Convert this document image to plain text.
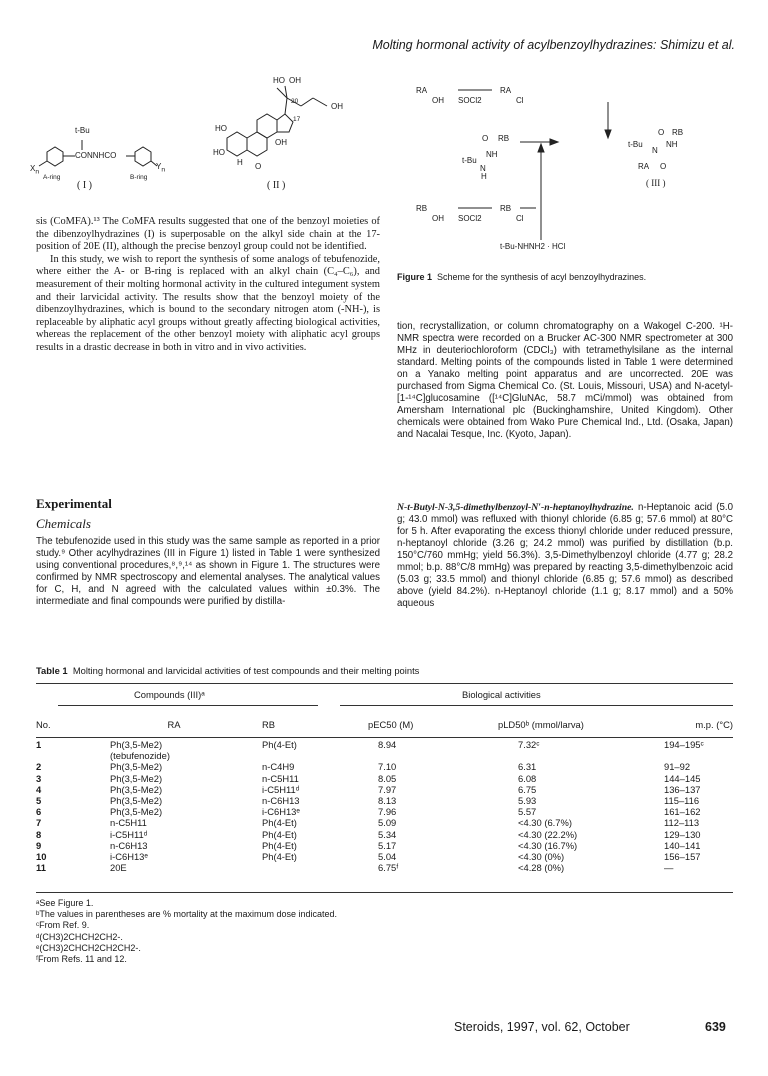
Molting hormonal activity of acylbenzoylhydrazines: Shimizu et al.
t-Bu
CONNHCO
$X_n$
$Y_n$
A-ring	B-ring
( I )
HO OH
20
OH
17
HO
HO
OH
H O
( II )
RA
OH SOCl2
RA
Cl
O RB
t-Bu
NH
N
H
O RB
t-Bu
N
NH
RA O
( III )
RB
OH SOCl2
RB
Cl
t-Bu-NHNH2 · HCl
Figure 1 Scheme for the synthesis of acyl benzoylhydrazines.

sis (CoMFA).¹³ The CoMFA results suggested that one of the benzoyl moieties of the dibenzoylhydrazines (I) is superposable on the alkyl side chain at the 17-position of 20E (II), although the precise benzoyl group could not be identified.

In this study, we wish to report the synthesis of some analogs of tebufenozide, where either the A- or B-ring is replaced with an alkyl chain (C₄–C₆), and measurement of their molting hormonal activity in the cultured integument system and their larvicidal activity. The results show that the benzoyl moiety of the dibenzoylhydrazines, which is bound to the secondary nitrogen atom (-NH-), is replaceable by aliphatic acyl groups without greatly affecting biological activities, whereas the replacement of the other benzoyl moiety with aliphatic acyl groups results in a drastic decrease in both in vitro and in vivo activities.

Experimental
Chemicals
The tebufenozide used in this study was the same sample as reported in a prior study.⁹ Other acylhydrazines (III in Figure 1) listed in Table 1 were synthesized using conventional procedures,⁸,⁹,¹⁴ as shown in Figure 1. The structures were confirmed by NMR spectroscopy and elemental analyses. The analytical values for C, H, and N agreed with the calculated values within ±0.3%. The intermediate and final compounds were purified by distilla-
tion, recrystallization, or column chromatography on a Wakogel C-200. ¹H-NMR spectra were recorded on a Brucker AC-300 NMR spectrometer at 300 MHz in deuteriochloroform (CDCl₃) with tetramethylsilane as the internal standard. Melting points of the compounds listed in Table 1 were determined on a Yanako melting point apparatus and are uncorrected. 20E was purchased from Sigma Chemical Co. (St. Louis, Missouri, USA) and N-acetyl-[1-¹⁴C]glucosamine ([¹⁴C]GluNAc, 58.7 mCi/mmol) was obtained from Amersham International plc (Buckinghamshire, United Kingdom). Other chemicals were obtained from Wako Pure Chemical Ind., Ltd. (Osaka, Japan) and Nacalai Tesque, Inc. (Kyoto, Japan).
N-t-Butyl-N-3,5-dimethylbenzoyl-N′-n-heptanoylhydrazine. n-Heptanoic acid (5.0 g; 43.0 mmol) was refluxed with thionyl chloride (6.85 g; 57.6 mmol) at 80°C for 5 h. After evaporating the excess thionyl chloride under reduced pressure, n-heptanoyl chloride (3.26 g; 24.2 mmol) was purified by distillation (b.p. 150°C/760 mmHg; yield 56.3%). 3,5-Dimethylbenzoyl chloride (4.77 g; 28.2 mmol; b.p. 88°C/8 mmHg) was prepared by reacting 3,5-dimethylbenzoic acid (5.03 g; 33.5 mmol) and thionyl chloride (6.85 g; 57.6 mmol) as described above (yield 84.2%). n-Heptanoyl chloride (1.1 g; 8.17 mmol) and a 50% aqueous
Table 1 Molting hormonal and larvicidal activities of test compounds and their melting points
Compounds (III)ᵃ	Biological activities
No.	RA	RB	pEC50 (M)	pLD50ᵇ (mmol/larva)	m.p. (°C)

1	Ph(3,5-Me2)
(tebufenozide)	Ph(4-Et)	8.94	7.32ᶜ	194–195ᶜ
2	Ph(3,5-Me2)	n-C4H9	7.10	6.31	91–92
3	Ph(3,5-Me2)	n-C5H11	8.05	6.08	144–145
4	Ph(3,5-Me2)	i-C5H11ᵈ	7.97	6.75	136–137
5	Ph(3,5-Me2)	n-C6H13	8.13	5.93	115–116
6	Ph(3,5-Me2)	i-C6H13ᵉ	7.96	5.57	161–162
7	n-C5H11	Ph(4-Et)	5.09	<4.30 (6.7%)	112–113
8	i-C5H11ᵈ	Ph(4-Et)	5.34	<4.30 (22.2%)	129–130
9	n-C6H13	Ph(4-Et)	5.17	<4.30 (16.7%)	140–141
10	i-C6H13ᵉ	Ph(4-Et)	5.04	<4.30 (0%)	156–157
11	20E		6.75ᶠ	<4.28 (0%)	—
ᵃSee Figure 1.
ᵇThe values in parentheses are % mortality at the maximum dose indicated.
ᶜFrom Ref. 9.
ᵈ(CH3)2CHCH2CH2-.
ᵉ(CH3)2CHCH2CH2CH2-.
ᶠFrom Refs. 11 and 12.
Steroids, 1997, vol. 62, October	639
